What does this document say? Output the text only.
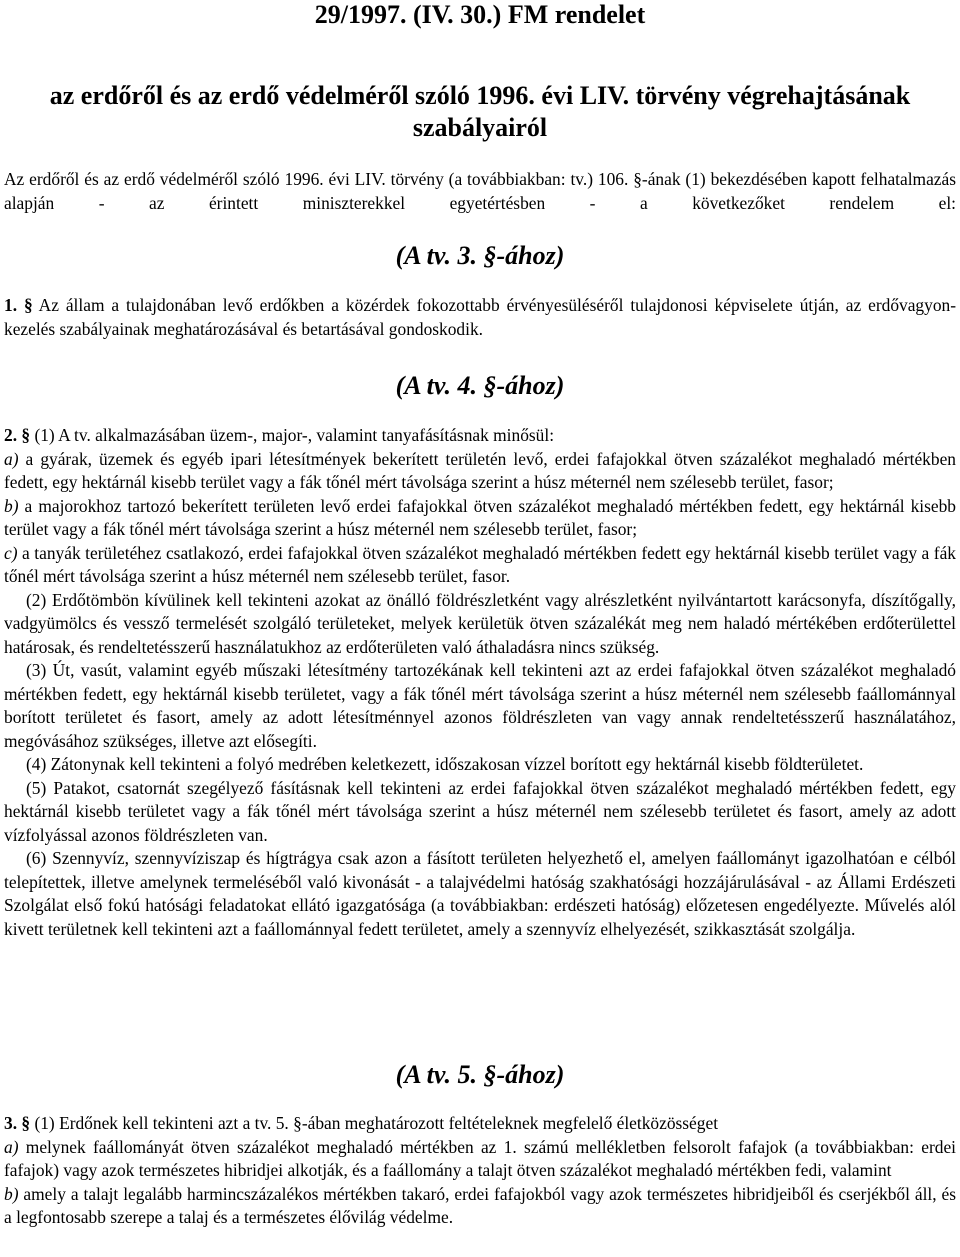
29/1997. (IV. 30.) FM rendelet
az erdőről és az erdő védelméről szóló 1996. évi LIV. törvény végrehajtásának szabályairól
Az erdőről és az erdő védelméről szóló 1996. évi LIV. törvény (a továbbiakban: tv.) 106. §-ának (1) bekezdésében kapott felhatalmazás alapján - az érintett miniszterekkel egyetértésben - a következőket rendelem el:
(A tv. 3. §-ához)
1. § Az állam a tulajdonában levő erdőkben a közérdek fokozottabb érvényesüléséről tulajdonosi képviselete útján, az erdővagyon-kezelés szabályainak meghatározásával és betartásával gondoskodik.
(A tv. 4. §-ához)
2. § (1) A tv. alkalmazásában üzem-, major-, valamint tanyafásításnak minősül:
a) a gyárak, üzemek és egyéb ipari létesítmények bekerített területén levő, erdei fafajokkal ötven százalékot meghaladó mértékben fedett, egy hektárnál kisebb terület vagy a fák tőnél mért távolsága szerint a húsz méternél nem szélesebb terület, fasor;
b) a majorokhoz tartozó bekerített területen levő erdei fafajokkal ötven százalékot meghaladó mértékben fedett, egy hektárnál kisebb terület vagy a fák tőnél mért távolsága szerint a húsz méternél nem szélesebb terület, fasor;
c) a tanyák területéhez csatlakozó, erdei fafajokkal ötven százalékot meghaladó mértékben fedett egy hektárnál kisebb terület vagy a fák tőnél mért távolsága szerint a húsz méternél nem szélesebb terület, fasor.
(2) Erdőtömbön kívülinek kell tekinteni azokat az önálló földrészletként vagy alrészletként nyilvántartott karácsonyfa, díszítőgally, vadgyümölcs és vessző termelését szolgáló területeket, melyek kerületük ötven százalékát meg nem haladó mértékében erdőterülettel határosak, és rendeltetésszerű használatukhoz az erdőterületen való áthaladásra nincs szükség.
(3) Út, vasút, valamint egyéb műszaki létesítmény tartozékának kell tekinteni azt az erdei fafajokkal ötven százalékot meghaladó mértékben fedett, egy hektárnál kisebb területet, vagy a fák tőnél mért távolsága szerint a húsz méternél nem szélesebb faállománnyal borított területet és fasort, amely az adott létesítménnyel azonos földrészleten van vagy annak rendeltetésszerű használatához, megóvásához szükséges, illetve azt elősegíti.
(4) Zátonynak kell tekinteni a folyó medrében keletkezett, időszakosan vízzel borított egy hektárnál kisebb földterületet.
(5) Patakot, csatornát szegélyező fásításnak kell tekinteni az erdei fafajokkal ötven százalékot meghaladó mértékben fedett, egy hektárnál kisebb területet vagy a fák tőnél mért távolsága szerint a húsz méternél nem szélesebb területet és fasort, amely az adott vízfolyással azonos földrészleten van.
(6) Szennyvíz, szennyvíziszap és hígtrágya csak azon a fásított területen helyezhető el, amelyen faállományt igazolhatóan e célból telepítettek, illetve amelynek termeléséből való kivonását - a talajvédelmi hatóság szakhatósági hozzájárulásával - az Állami Erdészeti Szolgálat első fokú hatósági feladatokat ellátó igazgatósága (a továbbiakban: erdészeti hatóság) előzetesen engedélyezte. Művelés alól kivett területnek kell tekinteni azt a faállománnyal fedett területet, amely a szennyvíz elhelyezését, szikkasztását szolgálja.
(A tv. 5. §-ához)
3. § (1) Erdőnek kell tekinteni azt a tv. 5. §-ában meghatározott feltételeknek megfelelő életközösséget
a) melynek faállományát ötven százalékot meghaladó mértékben az 1. számú mellékletben felsorolt fafajok (a továbbiakban: erdei fafajok) vagy azok természetes hibridjei alkotják, és a faállomány a talajt ötven százalékot meghaladó mértékben fedi, valamint
b) amely a talajt legalább harmincszázalékos mértékben takaró, erdei fafajokból vagy azok természetes hibridjeiből és cserjékből áll, és a legfontosabb szerepe a talaj és a természetes élővilág védelme.
